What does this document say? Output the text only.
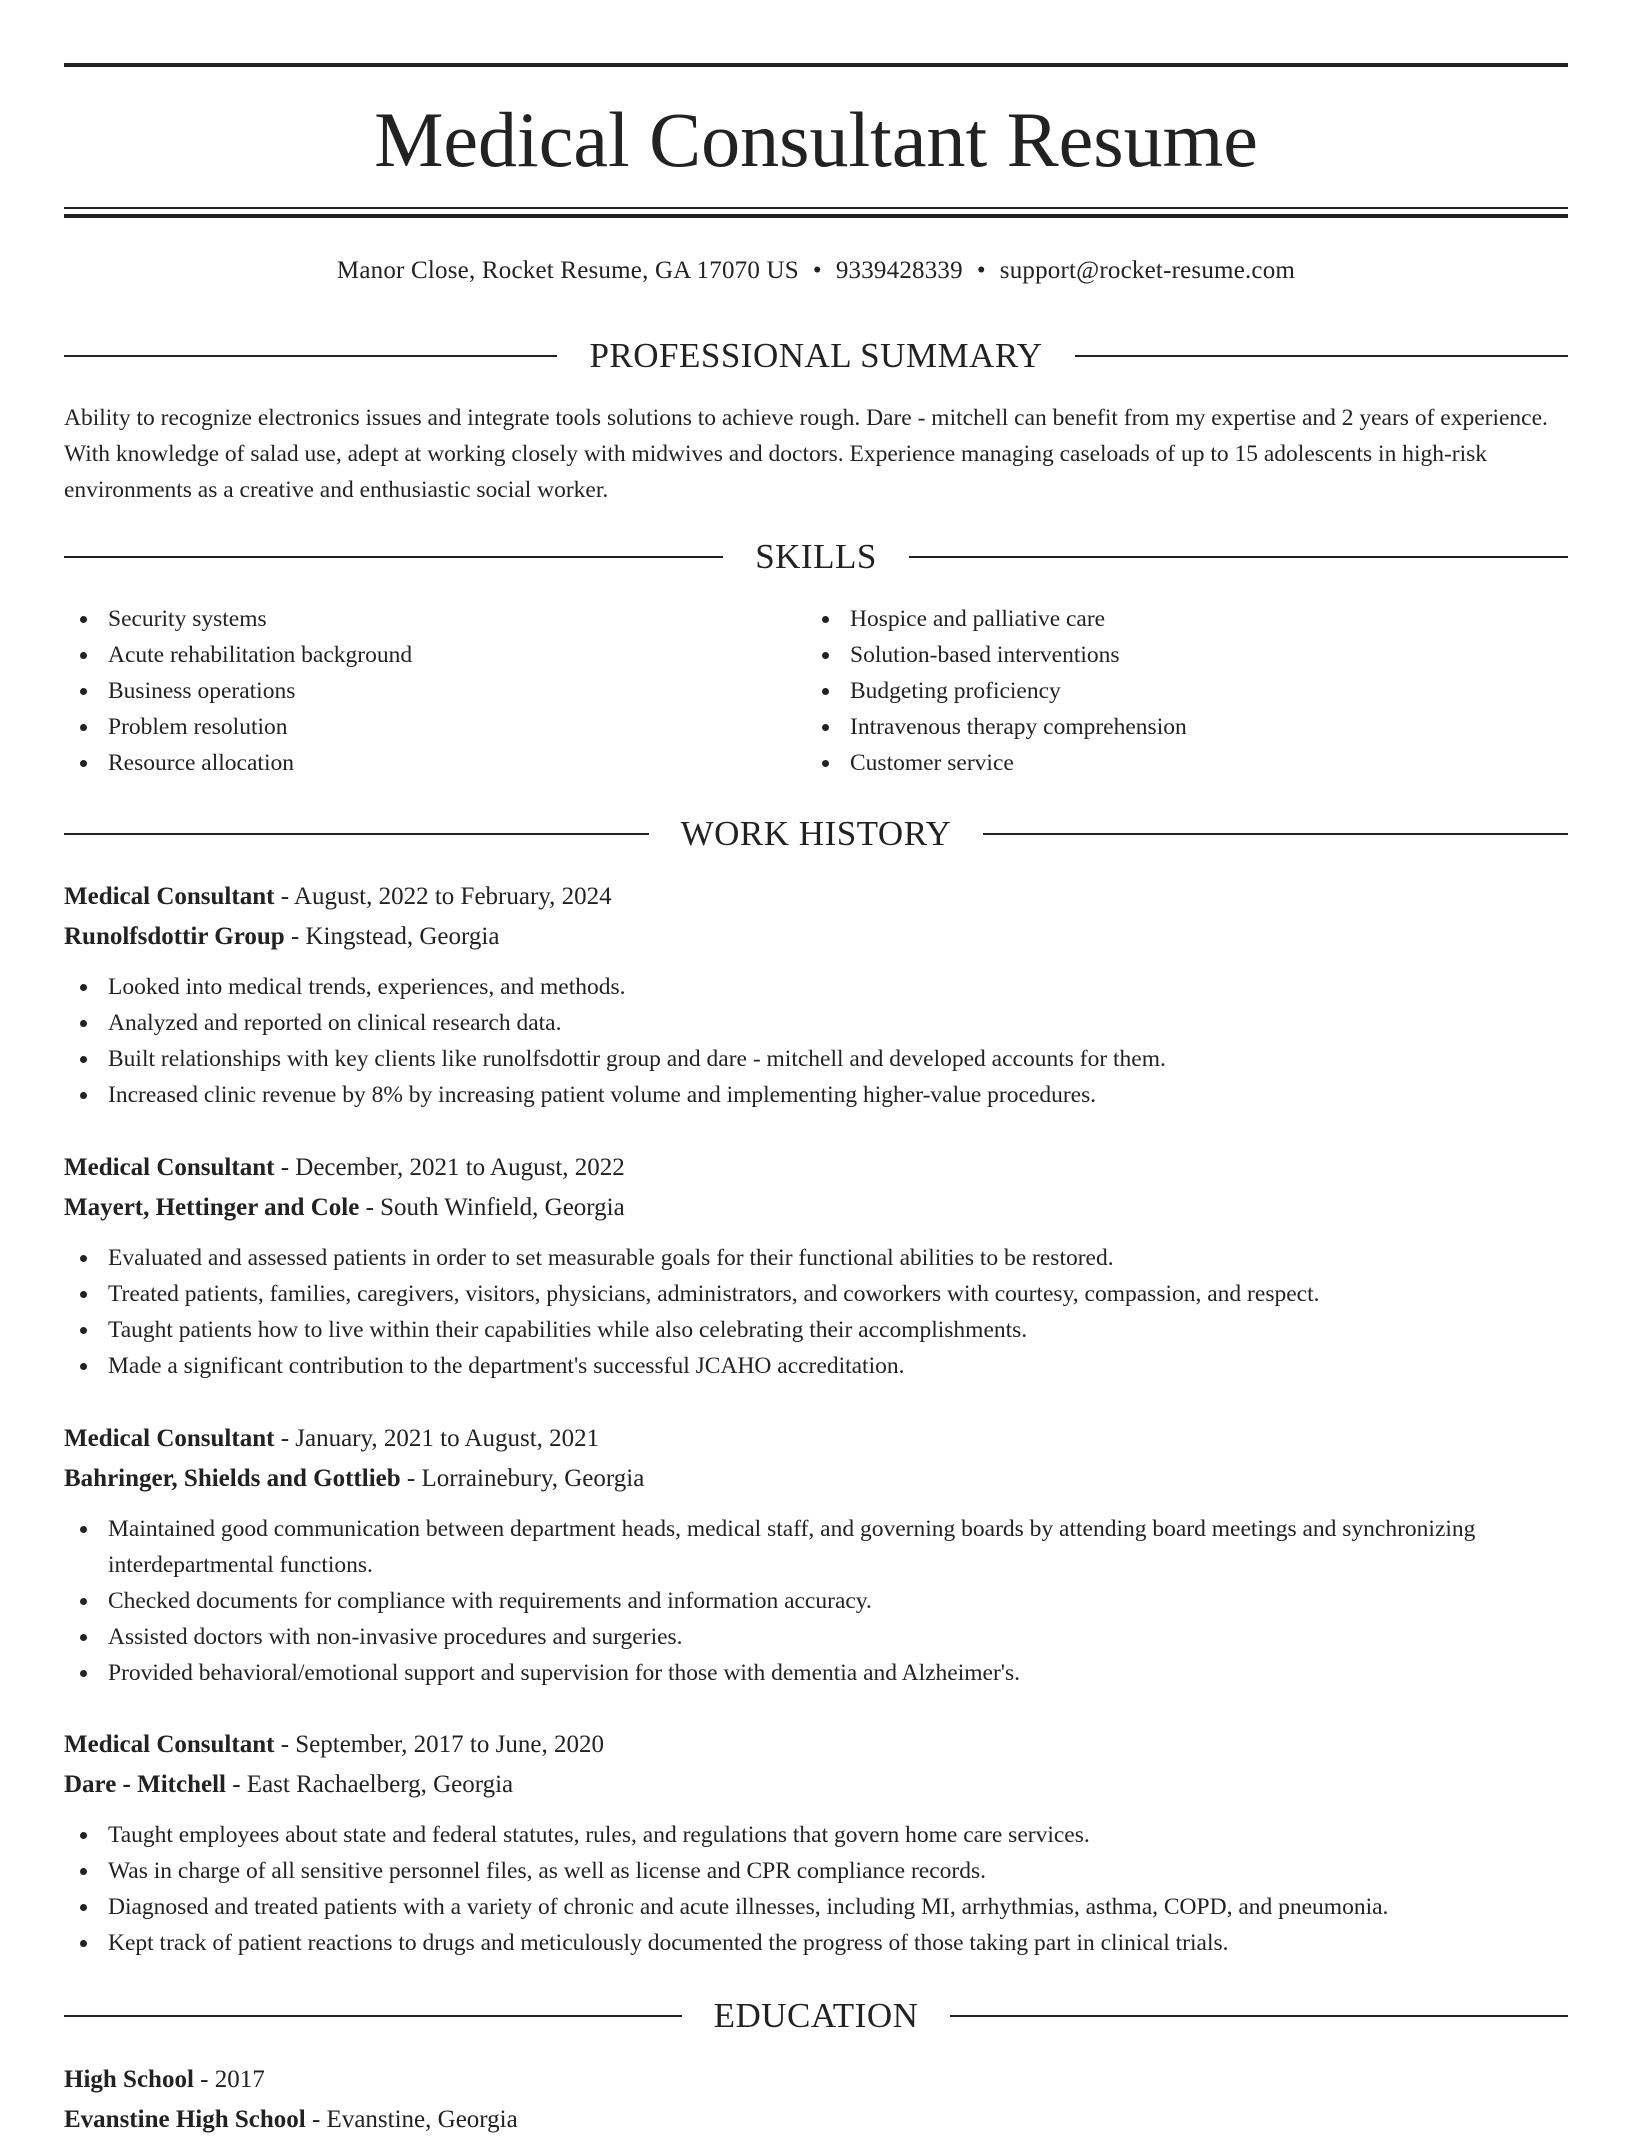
Medical Consultant Resume
Manor Close, Rocket Resume, GA 17070 US • 9339428339 • support@rocket-resume.com
PROFESSIONAL SUMMARY

Ability to recognize electronics issues and integrate tools solutions to achieve rough. Dare - mitchell can benefit from my expertise and 2 years of experience. With knowledge of salad use, adept at working closely with midwives and doctors. Experience managing caseloads of up to 15 adolescents in high-risk environments as a creative and enthusiastic social worker.

SKILLS
Security systems
Acute rehabilitation background
Business operations
Problem resolution
Resource allocation
Hospice and palliative care
Solution-based interventions
Budgeting proficiency
Intravenous therapy comprehension
Customer service
WORK HISTORY
Medical Consultant - August, 2022 to February, 2024
Runolfsdottir Group - Kingstead, Georgia
Looked into medical trends, experiences, and methods.
Analyzed and reported on clinical research data.
Built relationships with key clients like runolfsdottir group and dare - mitchell and developed accounts for them.
Increased clinic revenue by 8% by increasing patient volume and implementing higher-value procedures.
Medical Consultant - December, 2021 to August, 2022
Mayert, Hettinger and Cole - South Winfield, Georgia
Evaluated and assessed patients in order to set measurable goals for their functional abilities to be restored.
Treated patients, families, caregivers, visitors, physicians, administrators, and coworkers with courtesy, compassion, and respect.
Taught patients how to live within their capabilities while also celebrating their accomplishments.
Made a significant contribution to the department's successful JCAHO accreditation.
Medical Consultant - January, 2021 to August, 2021
Bahringer, Shields and Gottlieb - Lorrainebury, Georgia
Maintained good communication between department heads, medical staff, and governing boards by attending board meetings and synchronizing interdepartmental functions.
Checked documents for compliance with requirements and information accuracy.
Assisted doctors with non-invasive procedures and surgeries.
Provided behavioral/emotional support and supervision for those with dementia and Alzheimer's.
Medical Consultant - September, 2017 to June, 2020
Dare - Mitchell - East Rachaelberg, Georgia
Taught employees about state and federal statutes, rules, and regulations that govern home care services.
Was in charge of all sensitive personnel files, as well as license and CPR compliance records.
Diagnosed and treated patients with a variety of chronic and acute illnesses, including MI, arrhythmias, asthma, COPD, and pneumonia.
Kept track of patient reactions to drugs and meticulously documented the progress of those taking part in clinical trials.
EDUCATION
High School - 2017
Evanstine High School - Evanstine, Georgia
